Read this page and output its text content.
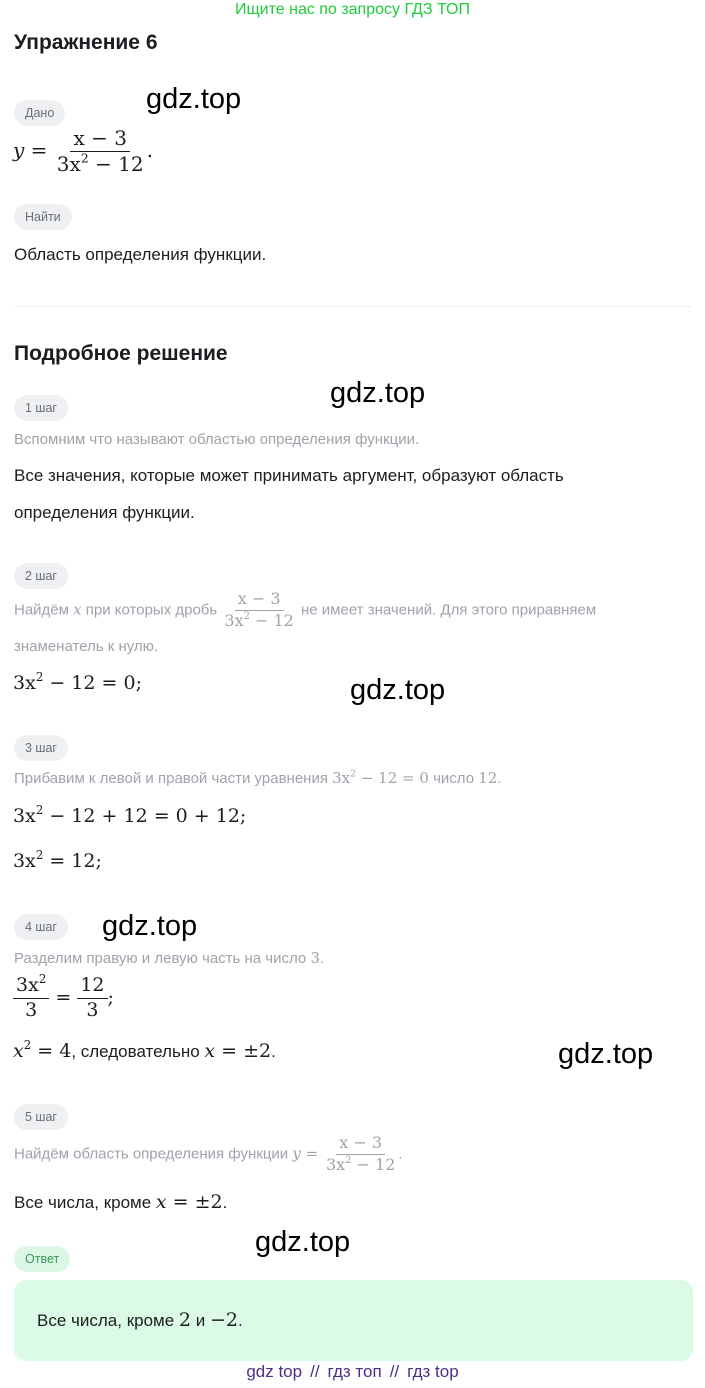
Ищите нас по запросу ГДЗ ТОП
Упражнение 6
Дано
$y = \frac{x - 3}{3x^2 - 12}$ .
Найти
Область определения функции.
Подробное решение
1 шаг
Вспомним что называют областью определения функции.
Все значения, которые может принимать аргумент, образуют область
определения функции.
2 шаг
Найдём x при которых дробь $\frac{x - 3}{3x^2 - 12}$ не имеет значений. Для этого приравняем
знаменатель к нулю.
$3x^2 - 12 = 0$;
3 шаг
Прибавим к левой и правой части уравнения $3x^2 - 12 = 0$ число 12.
$3x^2 - 12 + 12 = 0 + 12$;
$3x^2 = 12$;
4 шаг
Разделим правую и левую часть на число 3.
$\frac{3x^2}{3} = \frac{12}{3}$ ;
$x^2 = 4$, следовательно x = ±2.
5 шаг
Найдём область определения функции $y = \frac{x - 3}{3x^2 - 12}$ .
Все числа, кроме x = ±2.
Ответ
Все числа, кроме 2 и −2.
gdz.top
gdz.top
gdz.top
gdz.top
gdz.top
gdz.top
gdz top // гдз топ // гдз top
